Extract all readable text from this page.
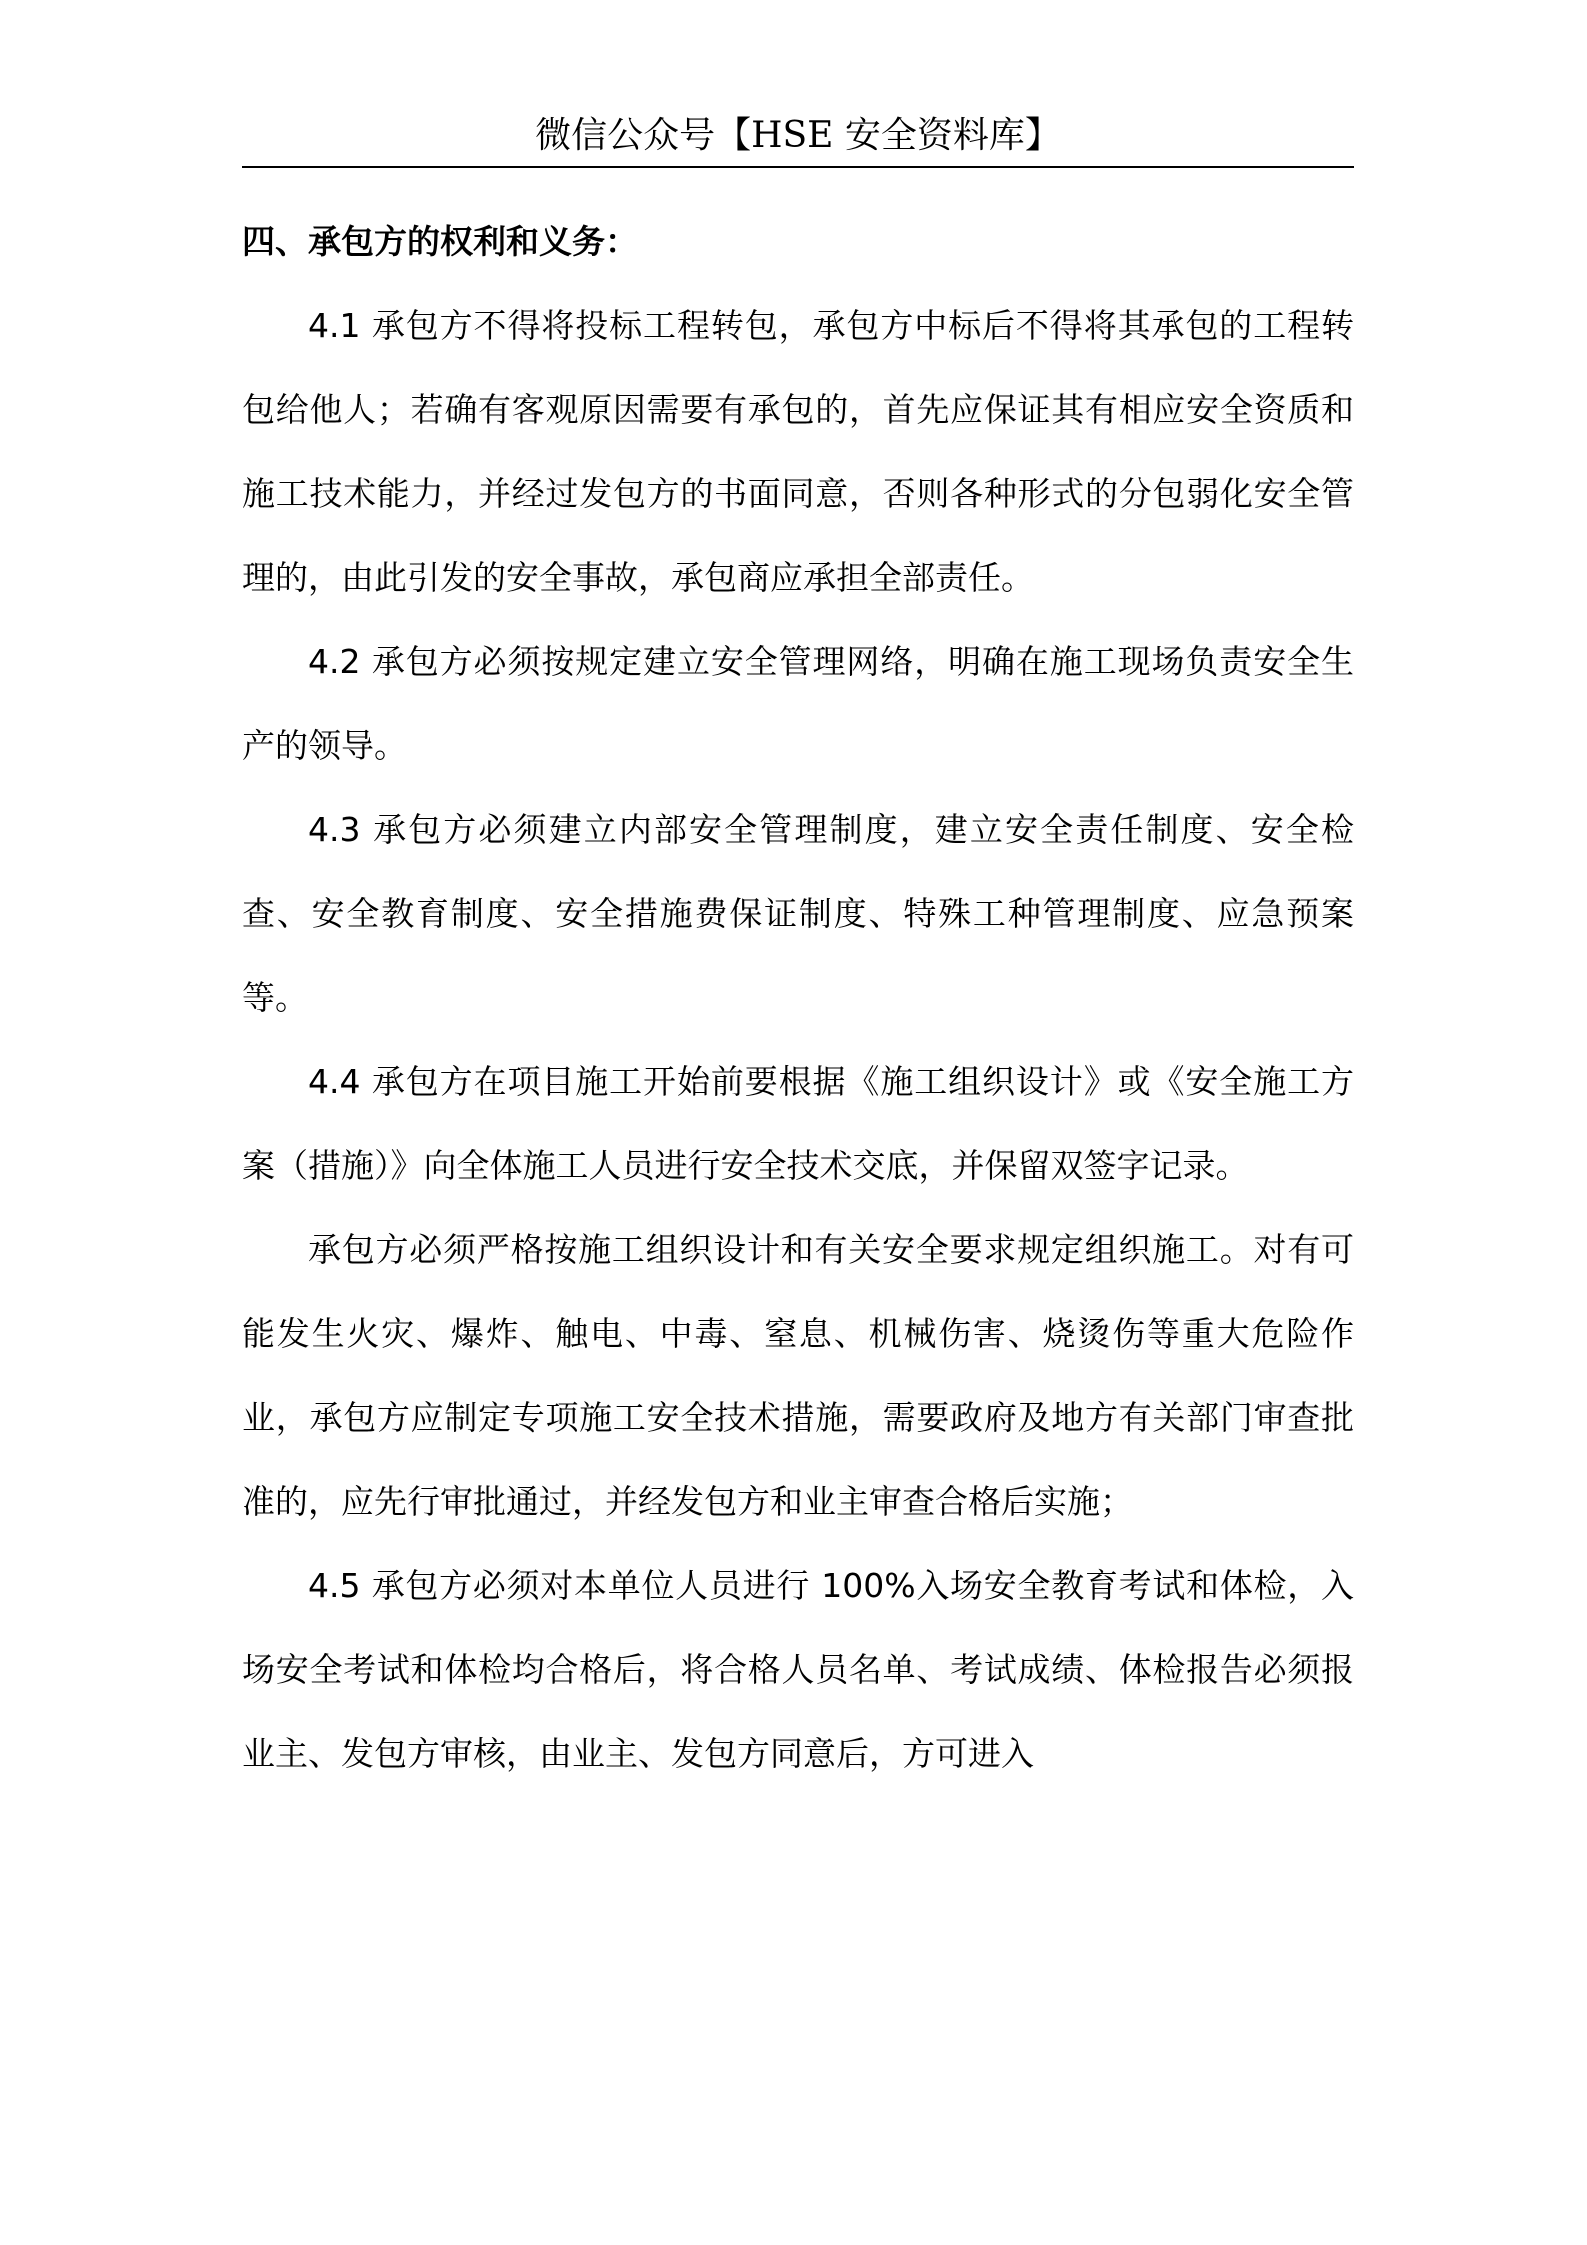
微信公众号【HSE 安全资料库】

四、承包方的权利和义务：

4.1 承包方不得将投标工程转包，承包方中标后不得将其承包的工程转包给他人；若确有客观原因需要有承包的，首先应保证其有相应安全资质和施工技术能力，并经过发包方的书面同意，否则各种形式的分包弱化安全管理的，由此引发的安全事故，承包商应承担全部责任。

4.2 承包方必须按规定建立安全管理网络，明确在施工现场负责安全生产的领导。

4.3 承包方必须建立内部安全管理制度，建立安全责任制度、安全检查、安全教育制度、安全措施费保证制度、特殊工种管理制度、应急预案等。

4.4 承包方在项目施工开始前要根据《施工组织设计》或《安全施工方案（措施）》向全体施工人员进行安全技术交底，并保留双签字记录。

承包方必须严格按施工组织设计和有关安全要求规定组织施工。对有可能发生火灾、爆炸、触电、中毒、窒息、机械伤害、烧烫伤等重大危险作业，承包方应制定专项施工安全技术措施，需要政府及地方有关部门审查批准的，应先行审批通过，并经发包方和业主审查合格后实施；

4.5 承包方必须对本单位人员进行 100%入场安全教育考试和体检，入场安全考试和体检均合格后，将合格人员名单、考试成绩、体检报告必须报业主、发包方审核，由业主、发包方同意后，方可进入
